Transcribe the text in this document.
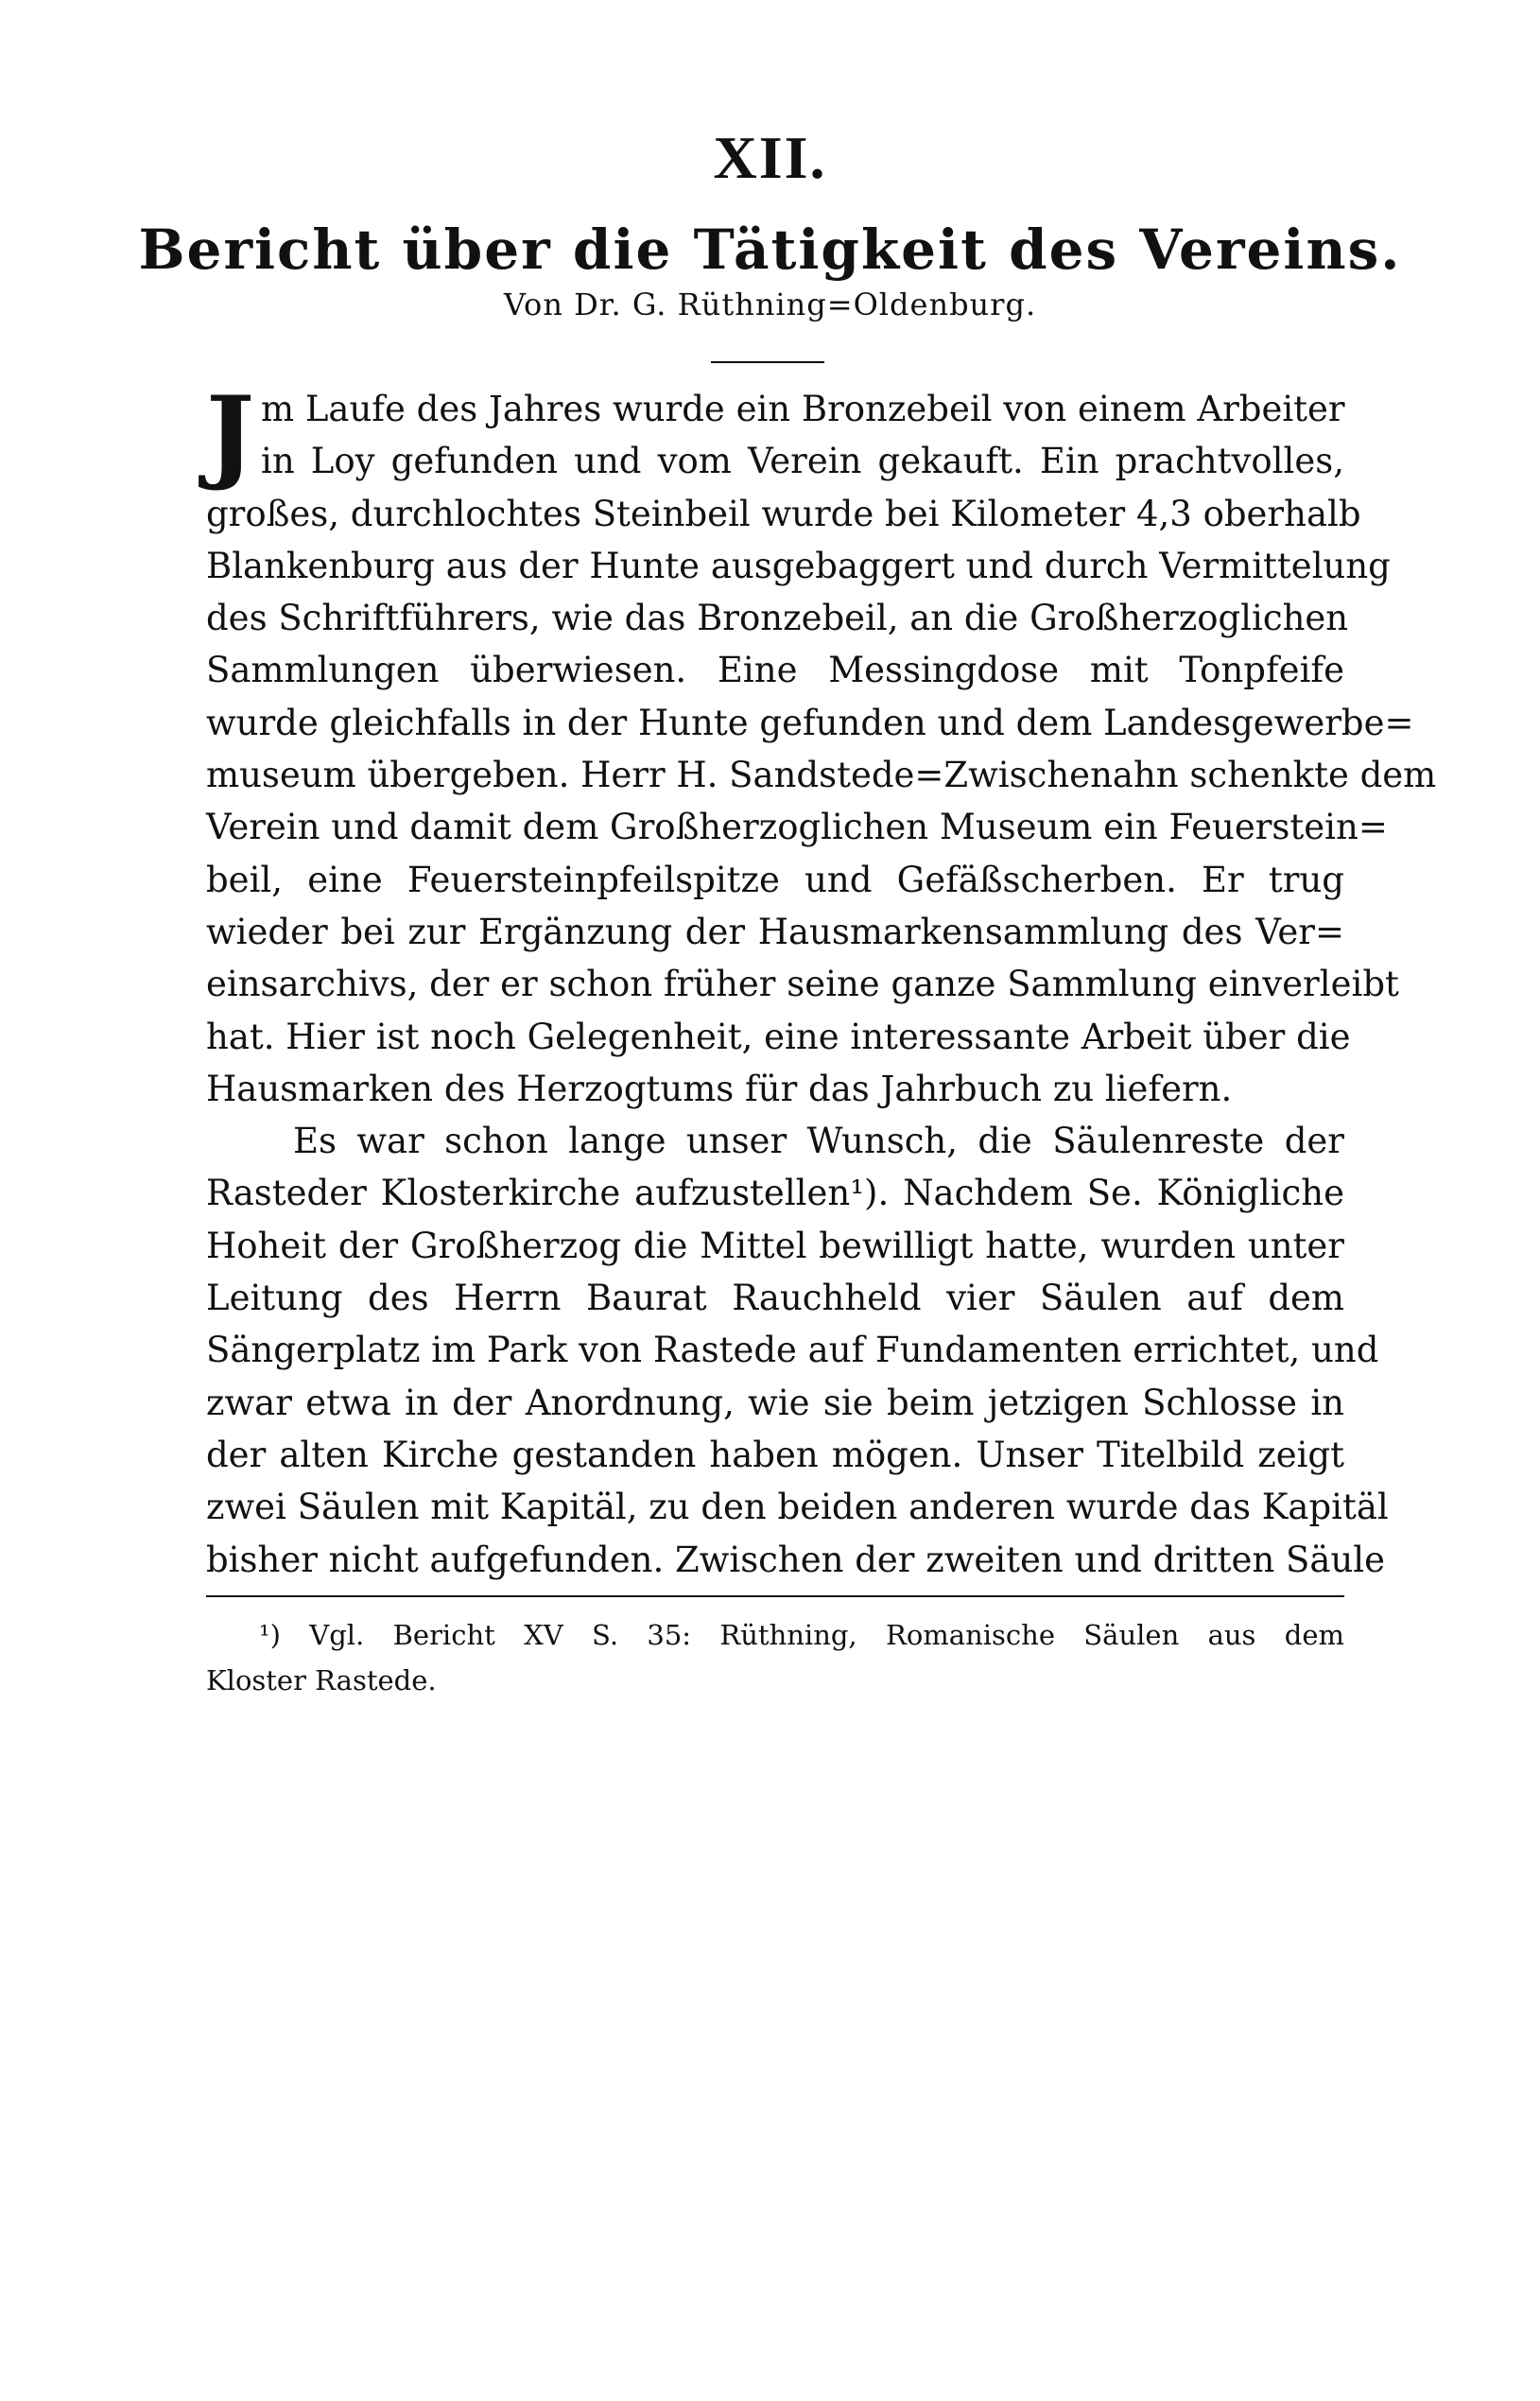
XII.
Bericht über die Tätigkeit des Vereins.
Von Dr. G. Rüthning=Oldenburg.
J m Laufe des Jahres wurde ein Bronzebeil von einem Arbeiter
in Loy gefunden und vom Verein gekauft. Ein prachtvolles,
großes, durchlochtes Steinbeil wurde bei Kilometer 4,3 oberhalb
Blankenburg aus der Hunte ausgebaggert und durch Vermittelung
des Schriftführers, wie das Bronzebeil, an die Großherzoglichen
Sammlungen überwiesen. Eine Messingdose mit Tonpfeife
wurde gleichfalls in der Hunte gefunden und dem Landesgewerbe=
museum übergeben. Herr H. Sandstede=Zwischenahn schenkte dem
Verein und damit dem Großherzoglichen Museum ein Feuerstein=
beil, eine Feuersteinpfeilspitze und Gefäßscherben. Er trug
wieder bei zur Ergänzung der Hausmarkensammlung des Ver=
einsarchivs, der er schon früher seine ganze Sammlung einverleibt
hat. Hier ist noch Gelegenheit, eine interessante Arbeit über die
Hausmarken des Herzogtums für das Jahrbuch zu liefern.
Es war schon lange unser Wunsch, die Säulenreste der
Rasteder Klosterkirche aufzustellen¹). Nachdem Se. Königliche
Hoheit der Großherzog die Mittel bewilligt hatte, wurden unter
Leitung des Herrn Baurat Rauchheld vier Säulen auf dem
Sängerplatz im Park von Rastede auf Fundamenten errichtet, und
zwar etwa in der Anordnung, wie sie beim jetzigen Schlosse in
der alten Kirche gestanden haben mögen. Unser Titelbild zeigt
zwei Säulen mit Kapitäl, zu den beiden anderen wurde das Kapitäl
bisher nicht aufgefunden. Zwischen der zweiten und dritten Säule
¹) Vgl. Bericht XV S. 35: Rüthning, Romanische Säulen aus dem
Kloster Rastede.
